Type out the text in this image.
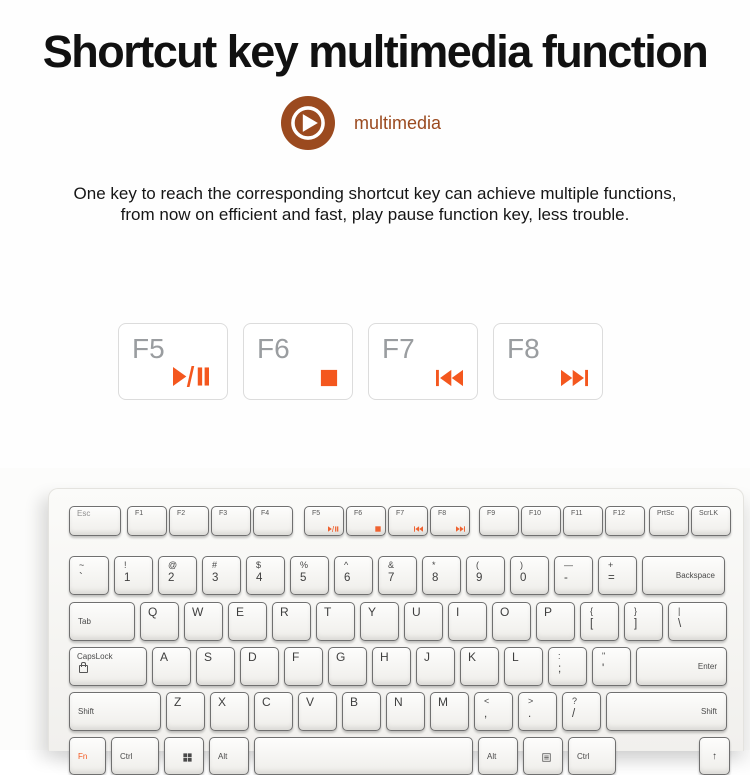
Shortcut key multimedia function
multimedia

One key to reach the corresponding shortcut key can achieve multiple functions,
from now on efficient and fast, play pause function key, less trouble.

F5	F6	F7	F8
Esc	F1	F2	F3	F4	F5	F6	F7	F8	F9	F10	F11	F12	PrtSc	ScrLK
~
`
!
1
@
2
#
3
$
4
%
5
^
6
&
7
*
8
(
9
)
0
—
-
+
=	Backspace
Tab
Q	W	E	R	T	Y	U	I	O	P	{
[
}
]
|
\
CapsLock	A	S	D	F	G	H	J	K	L	:
;
"
'	Enter
Shift
Z	X	C	V	B	N	M	<
,
>
.
?
/	Shift
Fn	Ctrl	Alt	Alt	Ctrl	↑
